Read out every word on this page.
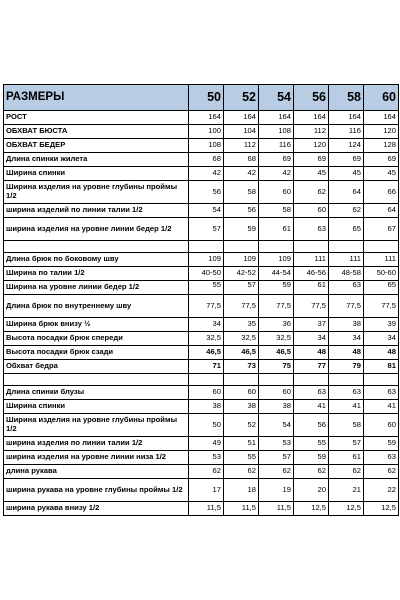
РАЗМЕРЫ	50	52	54	56	58	60
РОСТ	164	164	164	164	164	164
ОБХВАТ БЮСТА	100	104	108	112	116	120
ОБХВАТ БЕДЕР	108	112	116	120	124	128
Длина спинки жилета	68	68	69	69	69	69
Ширина спинки	42	42	42	45	45	45
Ширина изделия на уровне глубины проймы 1/2	56	58	60	62	64	66
ширина изделий по линии талии 1/2	54	56	58	60	62	64
ширина изделия на уровне линии бедер 1/2	57	59	61	63	65	67

Длина брюк по боковому шву	109	109	109	111	111	111
Ширина по талии 1/2	40-50	42-52	44-54	46-56	48-58	50-60
Ширина на уровне линии бедер 1/2	55	57	59	61	63	65
Длина брюк по внутреннему шву	77,5	77,5	77,5	77,5	77,5	77,5
Ширина брюк внизу ½	34	35	36	37	38	39
Высота посадки брюк спереди	32,5	32,5	32,5	34	34	34
Высота посадки брюк сзади	46,5	46,5	46,5	48	48	48
Обхват бедра	71	73	75	77	79	81

Длина спинки блузы	60	60	60	63	63	63
Ширина спинки	38	38	38	41	41	41
Ширина изделия на уровне глубины проймы 1/2	50	52	54	56	58	60
ширина изделия по линии талии 1/2	49	51	53	55	57	59
ширина изделия на уровне линии низа 1/2	53	55	57	59	61	63
длина рукава	62	62	62	62	62	62
ширина рукава на уровне глубины проймы 1/2	17	18	19	20	21	22
ширина рукава внизу 1/2	11,5	11,5	11,5	12,5	12,5	12,5
